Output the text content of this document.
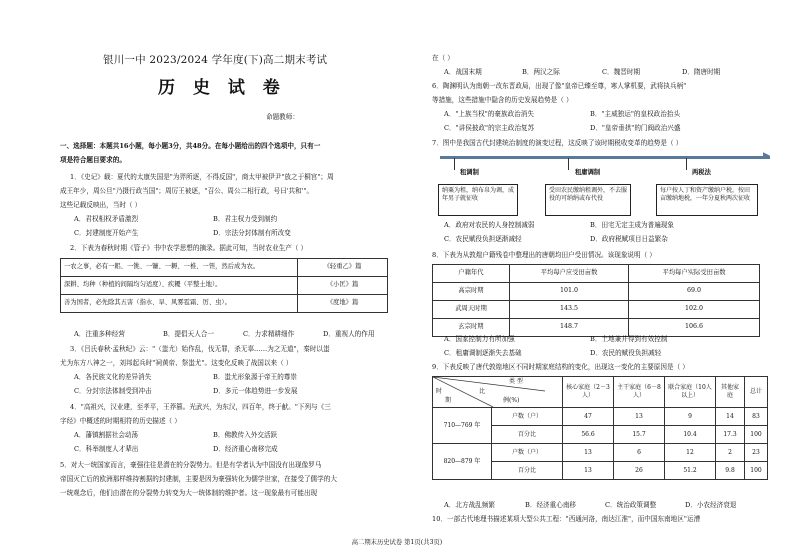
银川一中 2023/2024 学年度(下)高二期末考试
历 史 试 卷
命题教师：
一、选择题：本题共16小题，每小题3分，共48分。在每小题给出的四个选项中，只有一
项是符合题目要求的。
1．《史记》载：夏代的太康失国是"为羿所逐，不得反国"，商太甲被伊尹"放之于桐宫"；周
成王年少，周公旦"乃摄行政当国"；周厉王被逐，"召公、周公二相行政，号曰'共和'"。
这些记载反映出，当时（ ）
A．君权相权矛盾激烈	B．君主权力受到制约
C．封建制度开始产生	D．宗法分封体制有所改变
2．下表为春秋时期《管子》书中农学思想的摘录。据此可知，当时农业生产（ ）
一农之事，必有一耜、一铫、一镰、一耨、一椎、一铚，然后成为农。	《轻重乙》篇
深耕、均种（种植的间隔均匀适度）、疾耰（平整土地）。	《小匡》篇
善为国者，必先除其五害（指水、旱、风雾雹霜、厉、虫）。	《度地》篇
A．注重多种经营	B．提倡天人合一	C．力求精耕细作	D．重视人的作用
3．《吕氏春秋·孟秋纪》云："（蚩尤）始作乱，伐无罪，杀无辜……为之无道"，秦时以蚩
尤为东方八神之一，刘邦起兵时"祠黄帝、祭蚩尤"。这变化反映了战国以来（ ）
A．各民族文化的差异消失	B．蚩尤形象源于帝王的尊崇
C．分封宗法体制受到冲击	D．多元一体趋势进一步发展
4．"高祖兴，汉业建，至孝平，王莽篡。光武兴，为东汉，四百年，终于献。"下列与《三
字经》中概述的时期相符的历史描述（ ）
A．藩镇割据社会动荡	B．佛教传入外交活跃
C．科举制度人才辈出	D．经济重心南移完成
5．对大一统国家而言，豪强往往是潜在的分裂势力。但是有学者认为中国没有出现像罗马
帝国灭亡后的欧洲那样维持割据的封建制，主要是因为豪强转化为儒学世家，在接受了儒学的大
一统观念后，他们由潜在的分裂势力转变为大一统体制的维护者。这一现象最有可能出现
在（ ）
A．战国末期	B．两汉之际	C．魏晋时期	D．隋唐时期
6．陶渊明认为南朝一改东晋政局，出现了像"皇帝已臻至尊，寒人掌机要，武将执兵柄"
等措施，这些措施中隐含的历史发展趋势是（ ）
A．"上族当权"的豪族政治消失	B．"主威独运"的皇权政治抬头
C．"讲侯披政"的宗主政治复苏	D．"皇帝垂拱"的门阀政治兴盛
7．图中是我国古代封建统治制度的演变过程，这反映了该时期税收变革的趋势是（ ）
▶
租调制	租庸调制	两税法
纳粟为租，纳布帛为调，成年男子就征收
受田农民缴纳租调外，不去服役的可纳绢或布代役
每户按人丁和资产缴纳户税，按田亩缴纳地税，一年分夏秋两次征收
A．政府对农民的人身控制减弱	B．田宅无定主成为普遍现象
C．农民赋役负担逐渐减轻	D．政府税赋项目日益繁杂
8．下表为从敦煌户籍残卷中整理出的唐朝均田户受田情况。该现象说明（ ）
户籍年代	平均每户应受田亩数	平均每户实际受田亩数
高宗时期	101.0	69.0
武周天时期	143.5	102.0
玄宗时期	148.7	106.6
A．国家控制力有所加强	B．土地兼并得到有效控制
C．租庸调制逐渐失去基础	D．农民的赋役负担减轻
9．下表反映了唐代敦煌地区不同时期家庭结构的变化，出现这一变化的主要原因是（ ）
类 型
比
时
期 例(%)		核心家庭（2－3人）	主干家庭（6－8人）	联合家庭（10人以上）	其他家庭	总计
710—769 年	户数（户）	47	13	9	14	83
	百分比	56.6	15.7	10.4	17.3	100
820—879 年	户数（户）	13	6	12	2	23
	百分比	13	26	51.2	9.8	100
A．北方战乱频繁	B．经济重心南移	C．统治政策调整	D．小农经济衰退
10．一部古代地理书描述某项大型公共工程："西通河洛，南达江淮"，而中国东南地区"运漕
高二期末历史试卷 第1页(共3页)
